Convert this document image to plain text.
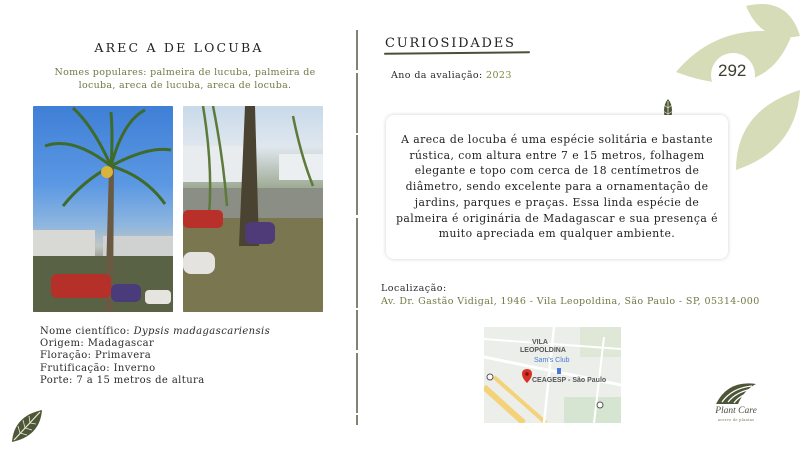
AREC A DE LOCUBA
Nomes populares: palmeira de lucuba, palmeira de locuba, areca de lucuba, areca de locuba.
Nome científico: Dypsis madagascariensis
Origem: Madagascar
Floração: Primavera
Frutificação: Inverno
Porte: 7 a 15 metros de altura
CURIOSIDADES
Ano da avaliação: 2023

A areca de locuba é uma espécie solitária e bastante rústica, com altura entre 7 e 15 metros, folhagem elegante e topo com cerca de 18 centímetros de diâmetro, sendo excelente para a ornamentação de jardins, parques e praças. Essa linda espécie de palmeira é originária de Madagascar e sua presença é muito apreciada em qualquer ambiente.

Localização:
Av. Dr. Gastão Vidigal, 1946 - Vila Leopoldina, São Paulo - SP, 05314-000
VILA
LEOPOLDINA
Sam's Club
CEAGESP - São Paulo
292
Plant Care
acervo de plantas
